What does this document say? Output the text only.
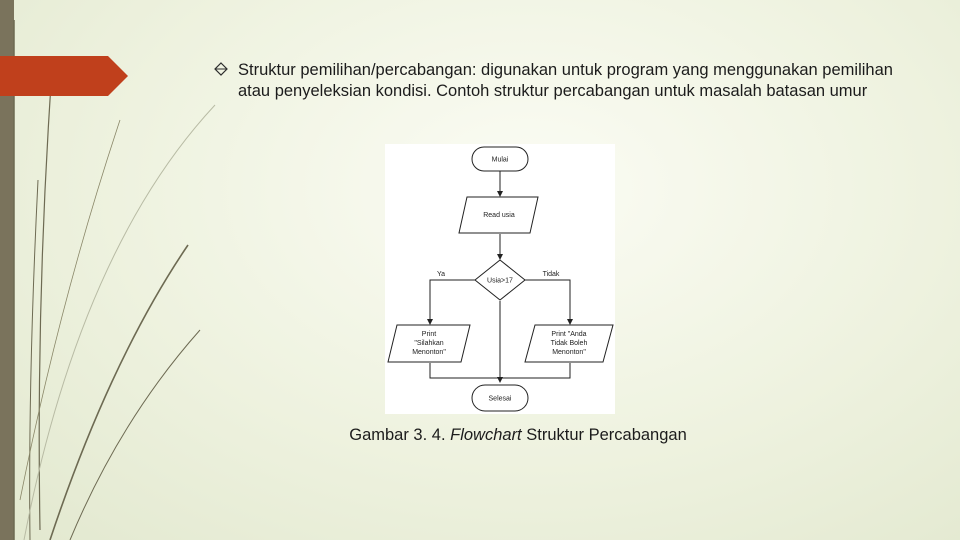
Struktur pemilihan/percabangan: digunakan untuk program yang menggunakan pemilihan atau penyeleksian kondisi. Contoh struktur percabangan untuk masalah batasan umur
Mulai
Read usia
Usia>17
Ya	Tidak
Print
"Silahkan
Menonton"
Print "Anda
Tidak Boleh
Menonton"
Selesai
Gambar 3. 4. Flowchart Struktur Percabangan
